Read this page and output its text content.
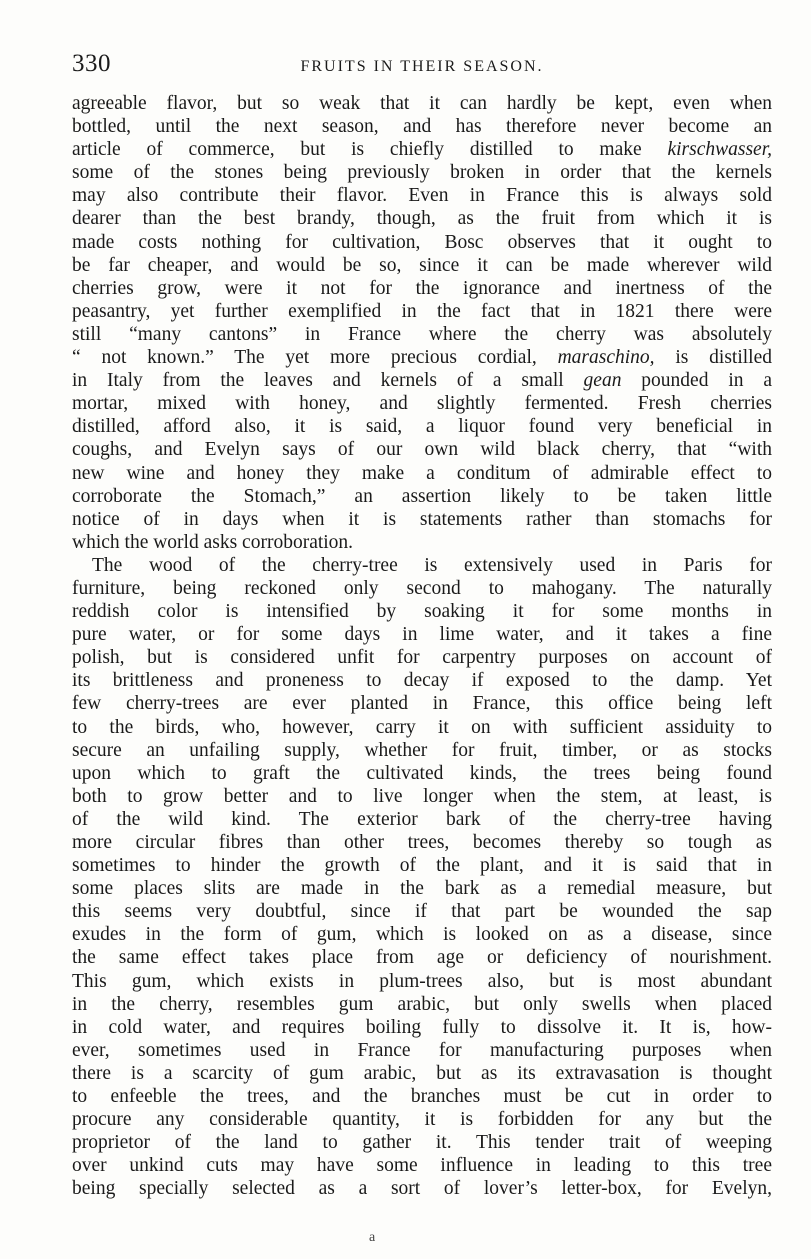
330	FRUITS IN THEIR SEASON.
agreeable flavor, but so weak that it can hardly be kept, even when
bottled, until the next season, and has therefore never become an
article of commerce, but is chiefly distilled to make kirschwasser,
some of the stones being previously broken in order that the kernels
may also contribute their flavor. Even in France this is always sold
dearer than the best brandy, though, as the fruit from which it is
made costs nothing for cultivation, Bosc observes that it ought to
be far cheaper, and would be so, since it can be made wherever wild
cherries grow, were it not for the ignorance and inertness of the
peasantry, yet further exemplified in the fact that in 1821 there were
still “many cantons” in France where the cherry was absolutely
“ not known.” The yet more precious cordial, maraschino, is distilled
in Italy from the leaves and kernels of a small gean pounded in a
mortar, mixed with honey, and slightly fermented. Fresh cherries
distilled, afford also, it is said, a liquor found very beneficial in
coughs, and Evelyn says of our own wild black cherry, that “with
new wine and honey they make a conditum of admirable effect to
corroborate the Stomach,” an assertion likely to be taken little
notice of in days when it is statements rather than stomachs for
which the world asks corroboration.
The wood of the cherry-tree is extensively used in Paris for
furniture, being reckoned only second to mahogany. The naturally
reddish color is intensified by soaking it for some months in
pure water, or for some days in lime water, and it takes a fine
polish, but is considered unfit for carpentry purposes on account of
its brittleness and proneness to decay if exposed to the damp. Yet
few cherry-trees are ever planted in France, this office being left
to the birds, who, however, carry it on with sufficient assiduity to
secure an unfailing supply, whether for fruit, timber, or as stocks
upon which to graft the cultivated kinds, the trees being found
both to grow better and to live longer when the stem, at least, is
of the wild kind. The exterior bark of the cherry-tree having
more circular fibres than other trees, becomes thereby so tough as
sometimes to hinder the growth of the plant, and it is said that in
some places slits are made in the bark as a remedial measure, but
this seems very doubtful, since if that part be wounded the sap
exudes in the form of gum, which is looked on as a disease, since
the same effect takes place from age or deficiency of nourishment.
This gum, which exists in plum-trees also, but is most abundant
in the cherry, resembles gum arabic, but only swells when placed
in cold water, and requires boiling fully to dissolve it. It is, how-
ever, sometimes used in France for manufacturing purposes when
there is a scarcity of gum arabic, but as its extravasation is thought
to enfeeble the trees, and the branches must be cut in order to
procure any considerable quantity, it is forbidden for any but the
proprietor of the land to gather it. This tender trait of weeping
over unkind cuts may have some influence in leading to this tree
being specially selected as a sort of lover’s letter-box, for Evelyn,
a
